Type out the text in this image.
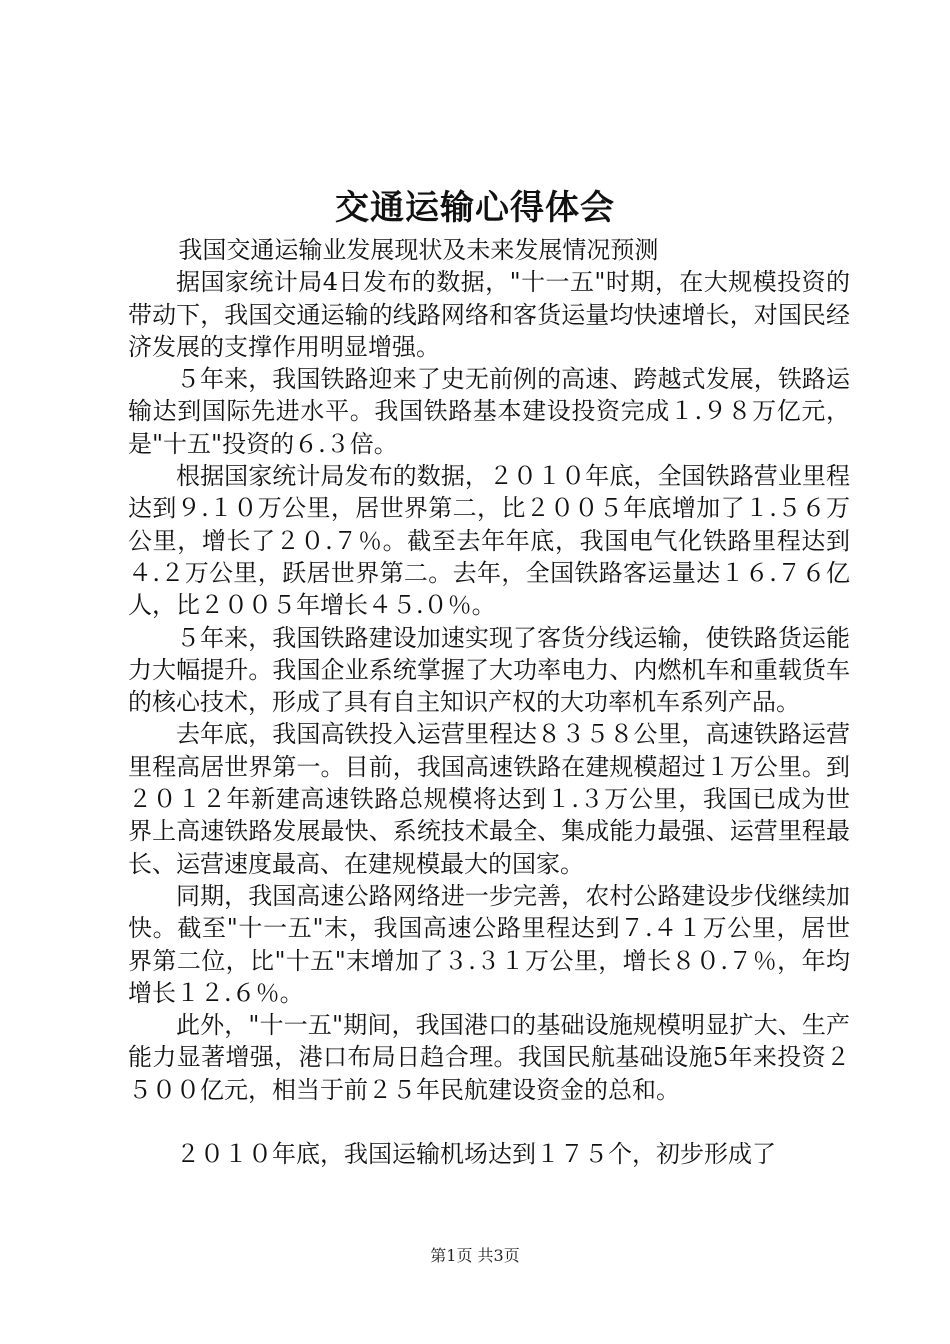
交通运输心得体会

我国交通运输业发展现状及未来发展情况预测

据国家统计局4日发布的数据，"十一五"时期，在大规模投资的带动下，我国交通运输的线路网络和客货运量均快速增长，对国民经济发展的支撑作用明显增强。

５年来，我国铁路迎来了史无前例的高速、跨越式发展，铁路运输达到国际先进水平。我国铁路基本建设投资完成１.９８万亿元，是"十五"投资的６.３倍。

根据国家统计局发布的数据，２０１０年底，全国铁路营业里程达到９.１０万公里，居世界第二，比２００５年底增加了１.５６万公里，增长了２０.７％。截至去年年底，我国电气化铁路里程达到４.２万公里，跃居世界第二。去年，全国铁路客运量达１６.７６亿人，比２００５年增长４５.０％。

５年来，我国铁路建设加速实现了客货分线运输，使铁路货运能力大幅提升。我国企业系统掌握了大功率电力、内燃机车和重载货车的核心技术，形成了具有自主知识产权的大功率机车系列产品。

去年底，我国高铁投入运营里程达８３５８公里，高速铁路运营里程高居世界第一。目前，我国高速铁路在建规模超过１万公里。到２０１２年新建高速铁路总规模将达到１.３万公里，我国已成为世界上高速铁路发展最快、系统技术最全、集成能力最强、运营里程最长、运营速度最高、在建规模最大的国家。

同期，我国高速公路网络进一步完善，农村公路建设步伐继续加快。截至"十一五"末，我国高速公路里程达到７.４１万公里，居世界第二位，比"十五"末增加了３.３１万公里，增长８０.７％，年均增长１２.６％。

此外，"十一五"期间，我国港口的基础设施规模明显扩大、生产能力显著增强，港口布局日趋合理。我国民航基础设施5年来投资２５００亿元，相当于前２５年民航建设资金的总和。

２０１０年底，我国运输机场达到１７５个，初步形成了

第1页 共3页
